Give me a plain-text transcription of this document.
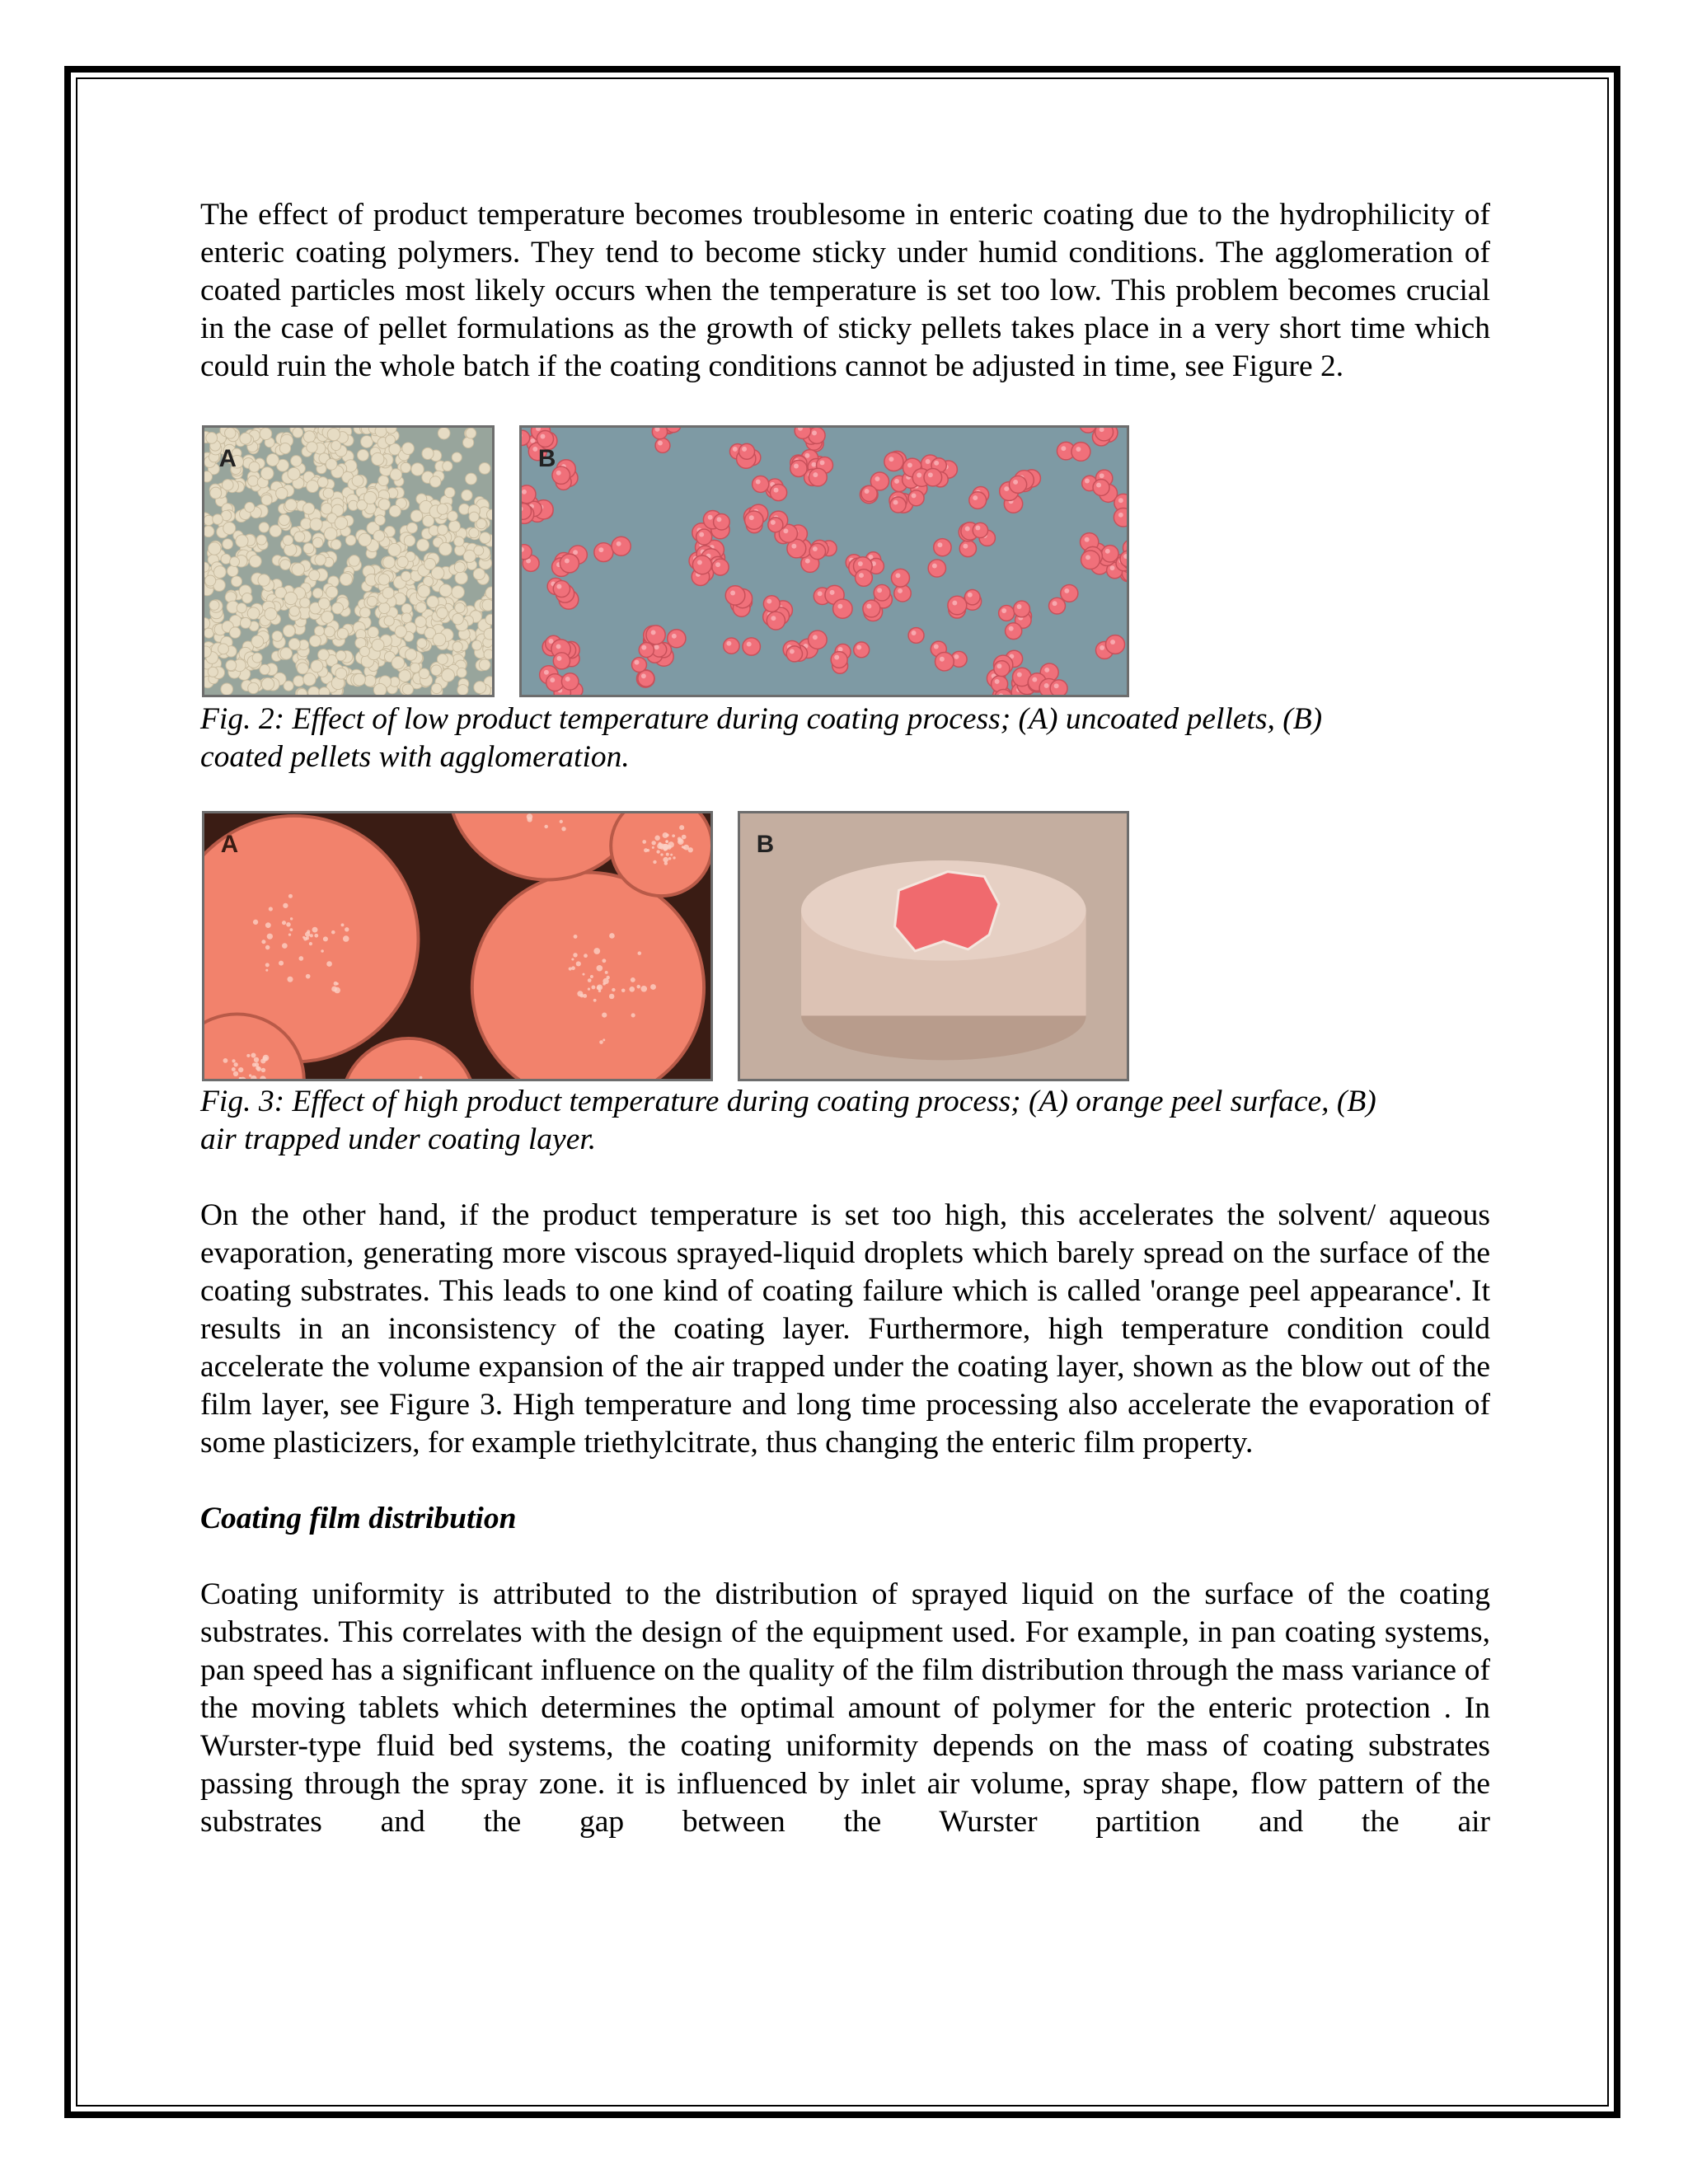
The effect of product temperature becomes troublesome in enteric coating due to the hydrophilicity of enteric coating polymers. They tend to become sticky under humid conditions. The agglomeration of coated particles most likely occurs when the temperature is set too low. This problem becomes crucial in the case of pellet formulations as the growth of sticky pellets takes place in a very short time which could ruin the whole batch if the coating conditions cannot be adjusted in time, see Figure 2.

A	B

Fig. 2: Effect of low product temperature during coating process; (A) uncoated pellets, (B)

coated pellets with agglomeration.

A	B

Fig. 3: Effect of high product temperature during coating process; (A) orange peel surface, (B)

air trapped under coating layer.

On the other hand, if the product temperature is set too high, this accelerates the solvent/ aqueous evaporation, generating more viscous sprayed-liquid droplets which barely spread on the surface of the coating substrates. This leads to one kind of coating failure which is called 'orange peel appearance'. It results in an inconsistency of the coating layer. Furthermore, high temperature condition could accelerate the volume expansion of the air trapped under the coating layer, shown as the blow out of the film layer, see Figure 3. High temperature and long time processing also accelerate the evaporation of some plasticizers, for example triethylcitrate, thus changing the enteric film property.

Coating film distribution

Coating uniformity is attributed to the distribution of sprayed liquid on the surface of the coating substrates. This correlates with the design of the equipment used. For example, in pan coating systems, pan speed has a significant influence on the quality of the film distribution through the mass variance of the moving tablets which determines the optimal amount of polymer for the enteric protection . In Wurster-type fluid bed systems, the coating uniformity depends on the mass of coating substrates passing through the spray zone. it is influenced by inlet air volume, spray shape, flow pattern of the substrates and the gap between the Wurster partition and the air
